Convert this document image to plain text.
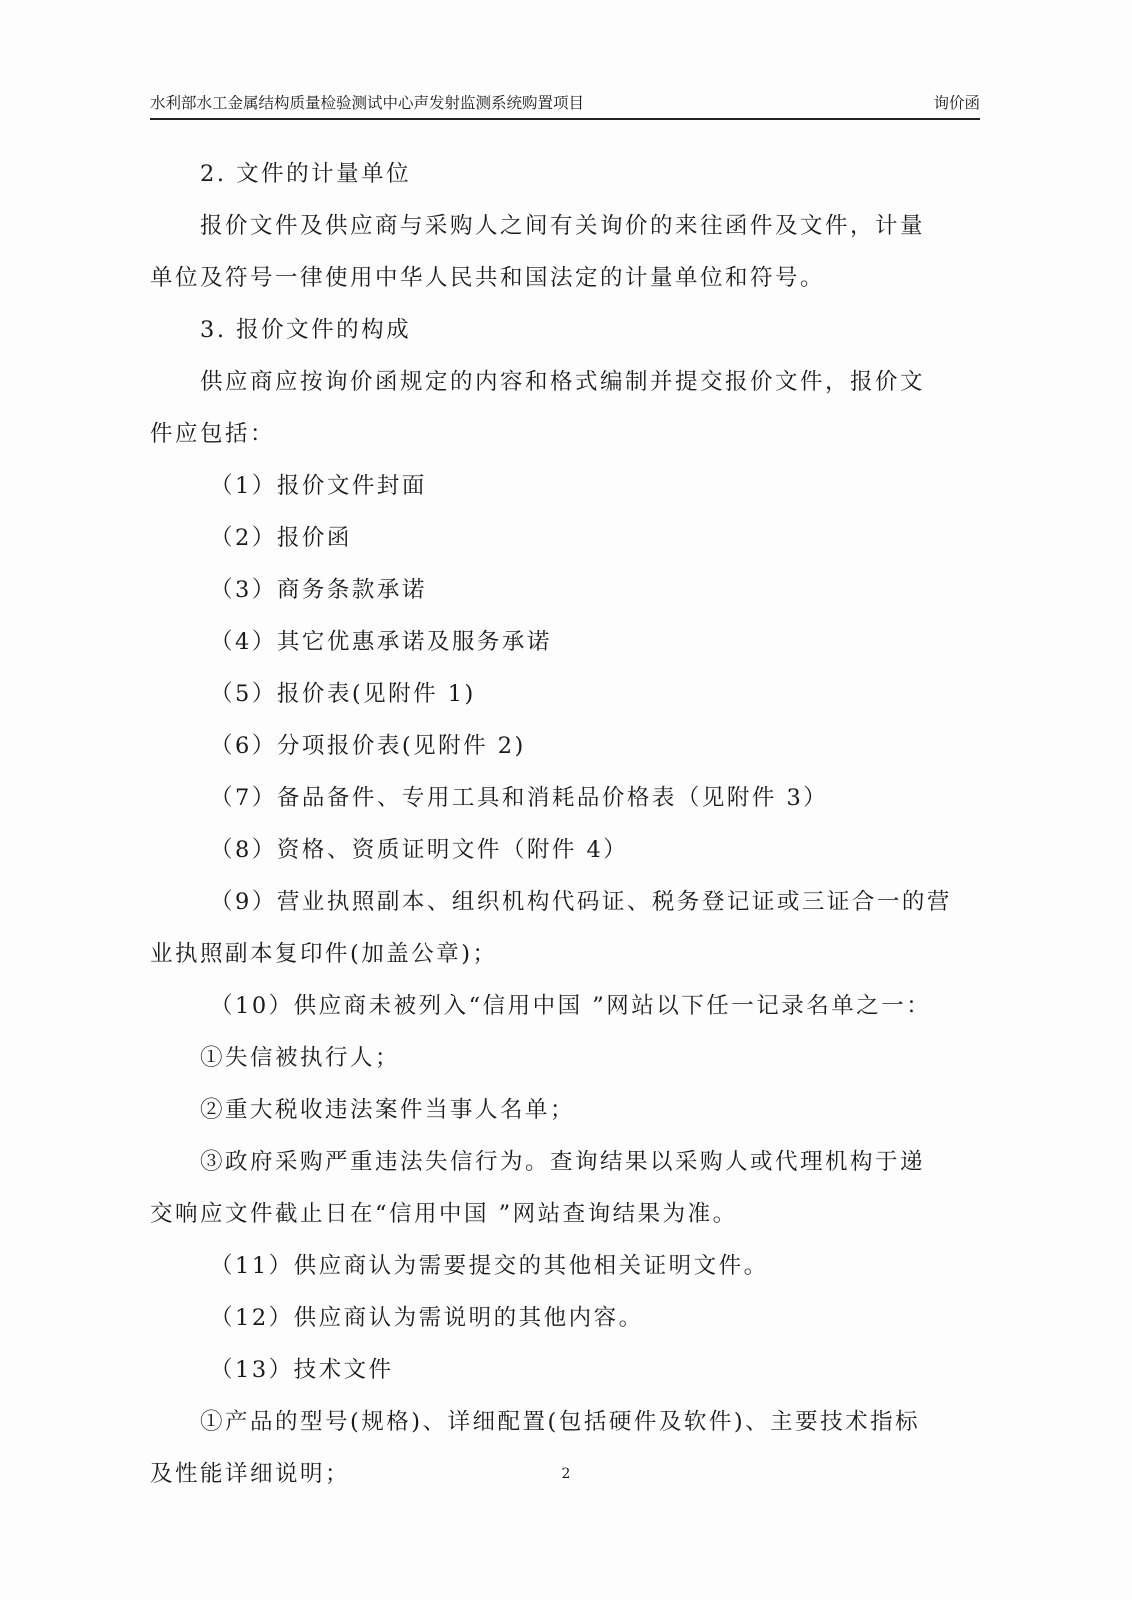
水利部水工金属结构质量检验测试中心声发射监测系统购置项目	询价函

2. 文件的计量单位

报价文件及供应商与采购人之间有关询价的来往函件及文件，计量

单位及符号一律使用中华人民共和国法定的计量单位和符号。

3. 报价文件的构成

供应商应按询价函规定的内容和格式编制并提交报价文件，报价文

件应包括：

（1）报价文件封面

（2）报价函

（3）商务条款承诺

（4）其它优惠承诺及服务承诺

（5）报价表(见附件 1)

（6）分项报价表(见附件 2)

（7）备品备件、专用工具和消耗品价格表（见附件 3）

（8）资格、资质证明文件（附件 4）

（9）营业执照副本、组织机构代码证、税务登记证或三证合一的营

业执照副本复印件(加盖公章)；

（10）供应商未被列入“信用中国 ”网站以下任一记录名单之一：

①失信被执行人；

②重大税收违法案件当事人名单；

③政府采购严重违法失信行为。查询结果以采购人或代理机构于递

交响应文件截止日在“信用中国 ”网站查询结果为准。

（11）供应商认为需要提交的其他相关证明文件。

（12）供应商认为需说明的其他内容。

（13）技术文件

①产品的型号(规格)、详细配置(包括硬件及软件)、主要技术指标

及性能详细说明；	2
